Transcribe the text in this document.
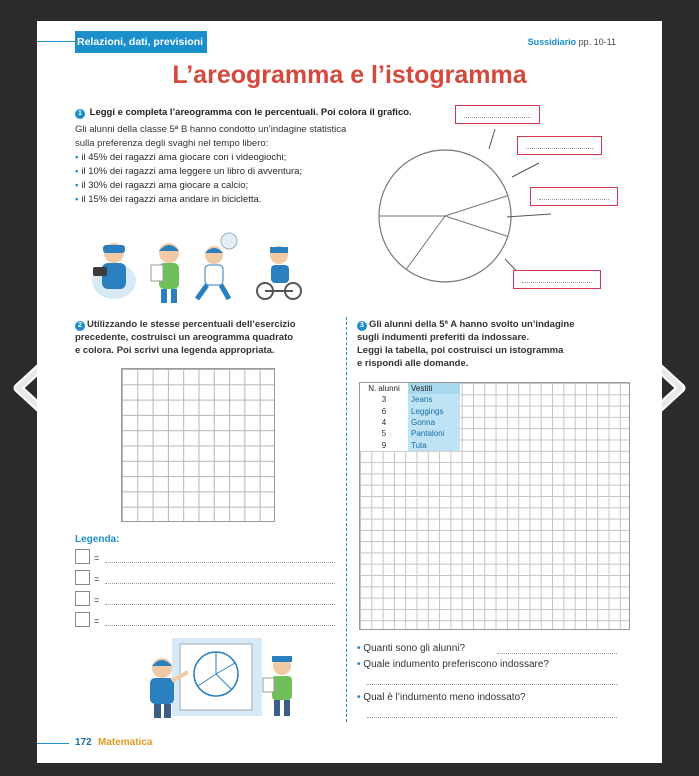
Relazioni, dati, previsioni	Sussidiario pp. 10-11
L’areogramma e l’istogramma
1 Leggi e completa l’areogramma con le percentuali. Poi colora il grafico.
Gli alunni della classe 5ª B hanno condotto un’indagine statistica
sulla preferenza degli svaghi nel tempo libero:
• il 45% dei ragazzi ama giocare con i videogiochi;
• il 10% dei ragazzi ama leggere un libro di avventura;
• il 30% dei ragazzi ama giocare a calcio;
• il 15% dei ragazzi ama andare in bicicletta.
2 Utilizzando le stesse percentuali dell’esercizio
precedente, costruisci un areogramma quadrato
e colora. Poi scrivi una legenda appropriata.
Legenda:
=
=
=
=
3 Gli alunni della 5ª A hanno svolto un’indagine
sugli indumenti preferiti da indossare.
Leggi la tabella, poi costruisci un istogramma
e rispondi alle domande.
N. alunni	Vestiti
3	Jeans
6	Leggings
4	Gonna
5	Pantaloni
9	Tuta
• Quanti sono gli alunni?
• Quale indumento preferiscono indossare?
• Qual è l’indumento meno indossato?
172 Matematica
